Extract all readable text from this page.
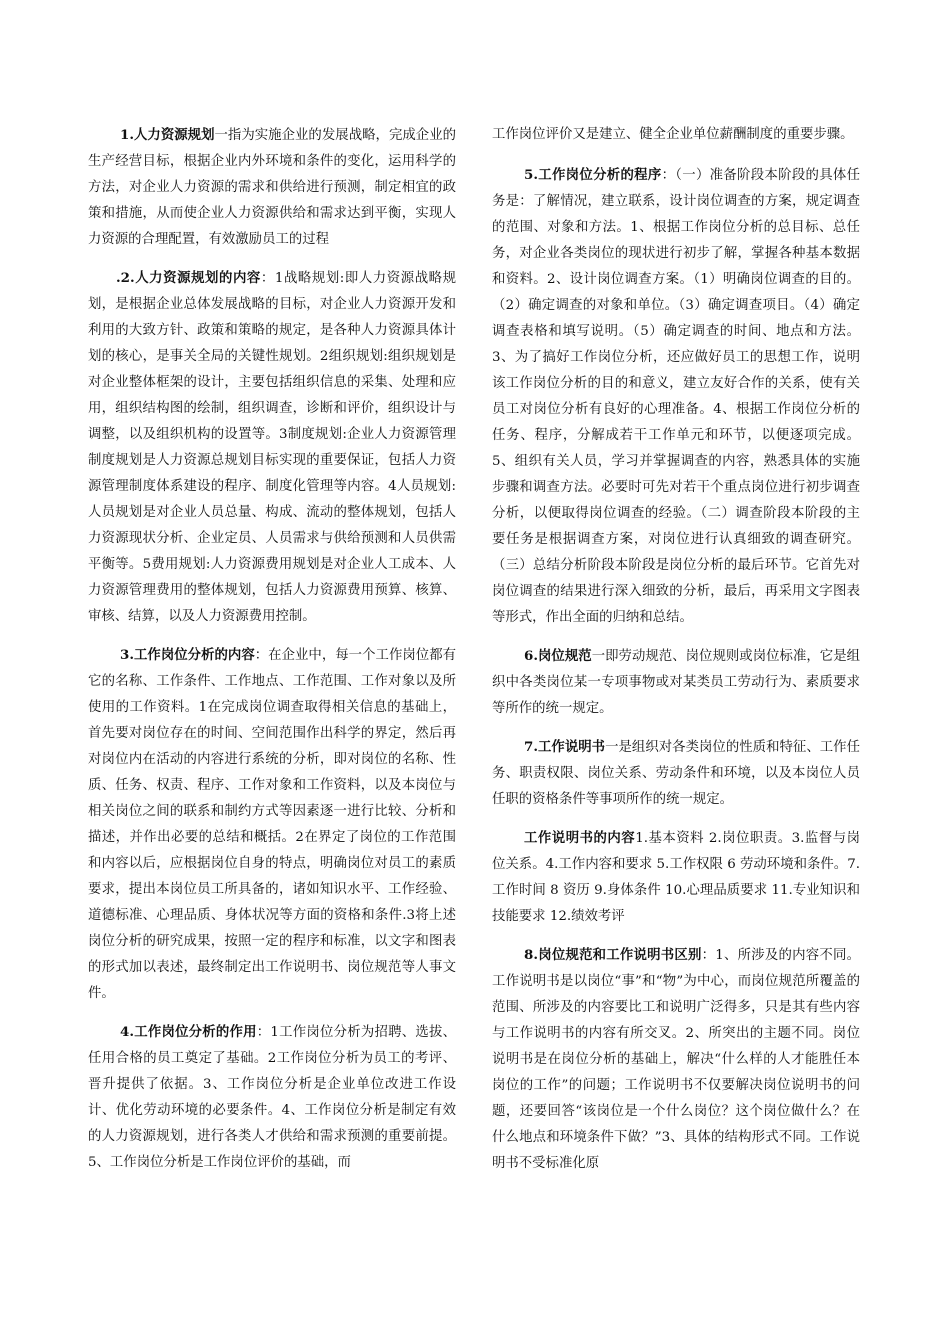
1.人力资源规划一指为实施企业的发展战略，完成企业的生产经营目标，根据企业内外环境和条件的变化，运用科学的方法，对企业人力资源的需求和供给进行预测，制定相宜的政策和措施，从而使企业人力资源供给和需求达到平衡，实现人力资源的合理配置，有效激励员工的过程

.2.人力资源规划的内容：1战略规划:即人力资源战略规划，是根据企业总体发展战略的目标，对企业人力资源开发和利用的大致方针、政策和策略的规定，是各种人力资源具体计划的核心，是事关全局的关键性规划。2组织规划:组织规划是对企业整体框架的设计，主要包括组织信息的采集、处理和应用，组织结构图的绘制，组织调查，诊断和评价，组织设计与调整，以及组织机构的设置等。3制度规划:企业人力资源管理制度规划是人力资源总规划目标实现的重要保证，包括人力资源管理制度体系建设的程序、制度化管理等内容。4人员规划:人员规划是对企业人员总量、构成、流动的整体规划，包括人力资源现状分析、企业定员、人员需求与供给预测和人员供需平衡等。5费用规划:人力资源费用规划是对企业人工成本、人力资源管理费用的整体规划，包括人力资源费用预算、核算、审核、结算，以及人力资源费用控制。

3.工作岗位分析的内容：在企业中，每一个工作岗位都有它的名称、工作条件、工作地点、工作范围、工作对象以及所使用的工作资料。1在完成岗位调查取得相关信息的基础上，首先要对岗位存在的时间、空间范围作出科学的界定，然后再对岗位内在活动的内容进行系统的分析，即对岗位的名称、性质、任务、权责、程序、工作对象和工作资料，以及本岗位与相关岗位之间的联系和制约方式等因素逐一进行比较、分析和描述，并作出必要的总结和概括。2在界定了岗位的工作范围和内容以后，应根据岗位自身的特点，明确岗位对员工的素质要求，提出本岗位员工所具备的，诸如知识水平、工作经验、道德标准、心理品质、身体状况等方面的资格和条件.3将上述岗位分析的研究成果，按照一定的程序和标准，以文字和图表的形式加以表述，最终制定出工作说明书、岗位规范等人事文件。

4.工作岗位分析的作用：1工作岗位分析为招聘、选拔、任用合格的员工奠定了基础。2工作岗位分析为员工的考评、晋升提供了依据。3、工作岗位分析是企业单位改进工作设计、优化劳动环境的必要条件。4、工作岗位分析是制定有效的人力资源规划，进行各类人才供给和需求预测的重要前提。5、工作岗位分析是工作岗位评价的基础，而

工作岗位评价又是建立、健全企业单位薪酬制度的重要步骤。

5.工作岗位分析的程序：（一）准备阶段本阶段的具体任务是：了解情况，建立联系，设计岗位调查的方案，规定调查的范围、对象和方法。1、根据工作岗位分析的总目标、总任务，对企业各类岗位的现状进行初步了解，掌握各种基本数据和资料。2、设计岗位调查方案。（1）明确岗位调查的目的。（2）确定调查的对象和单位。（3）确定调查项目。（4）确定调查表格和填写说明。（5）确定调查的时间、地点和方法。3、为了搞好工作岗位分析，还应做好员工的思想工作，说明该工作岗位分析的目的和意义，建立友好合作的关系，使有关员工对岗位分析有良好的心理准备。4、根据工作岗位分析的任务、程序，分解成若干工作单元和环节，以便逐项完成。5、组织有关人员，学习并掌握调查的内容，熟悉具体的实施步骤和调查方法。必要时可先对若干个重点岗位进行初步调查分析，以便取得岗位调查的经验。（二）调查阶段本阶段的主要任务是根据调查方案，对岗位进行认真细致的调查研究。（三）总结分析阶段本阶段是岗位分析的最后环节。它首先对岗位调查的结果进行深入细致的分析，最后，再采用文字图表等形式，作出全面的归纳和总结。

6.岗位规范一即劳动规范、岗位规则或岗位标准，它是组织中各类岗位某一专项事物或对某类员工劳动行为、素质要求等所作的统一规定。

7.工作说明书一是组织对各类岗位的性质和特征、工作任务、职责权限、岗位关系、劳动条件和环境，以及本岗位人员任职的资格条件等事项所作的统一规定。

工作说明书的内容1.基本资料 2.岗位职责。3.监督与岗位关系。4.工作内容和要求 5.工作权限 6 劳动环境和条件。7.工作时间 8 资历 9.身体条件 10.心理品质要求 11.专业知识和技能要求 12.绩效考评

8.岗位规范和工作说明书区别：1、所涉及的内容不同。工作说明书是以岗位“事”和“物”为中心，而岗位规范所覆盖的范围、所涉及的内容要比工和说明广泛得多，只是其有些内容与工作说明书的内容有所交叉。2、所突出的主题不同。岗位说明书是在岗位分析的基础上，解决“什么样的人才能胜任本岗位的工作”的问题；工作说明书不仅要解决岗位说明书的问题，还要回答“该岗位是一个什么岗位？这个岗位做什么？在什么地点和环境条件下做？”3、具体的结构形式不同。工作说明书不受标准化原
